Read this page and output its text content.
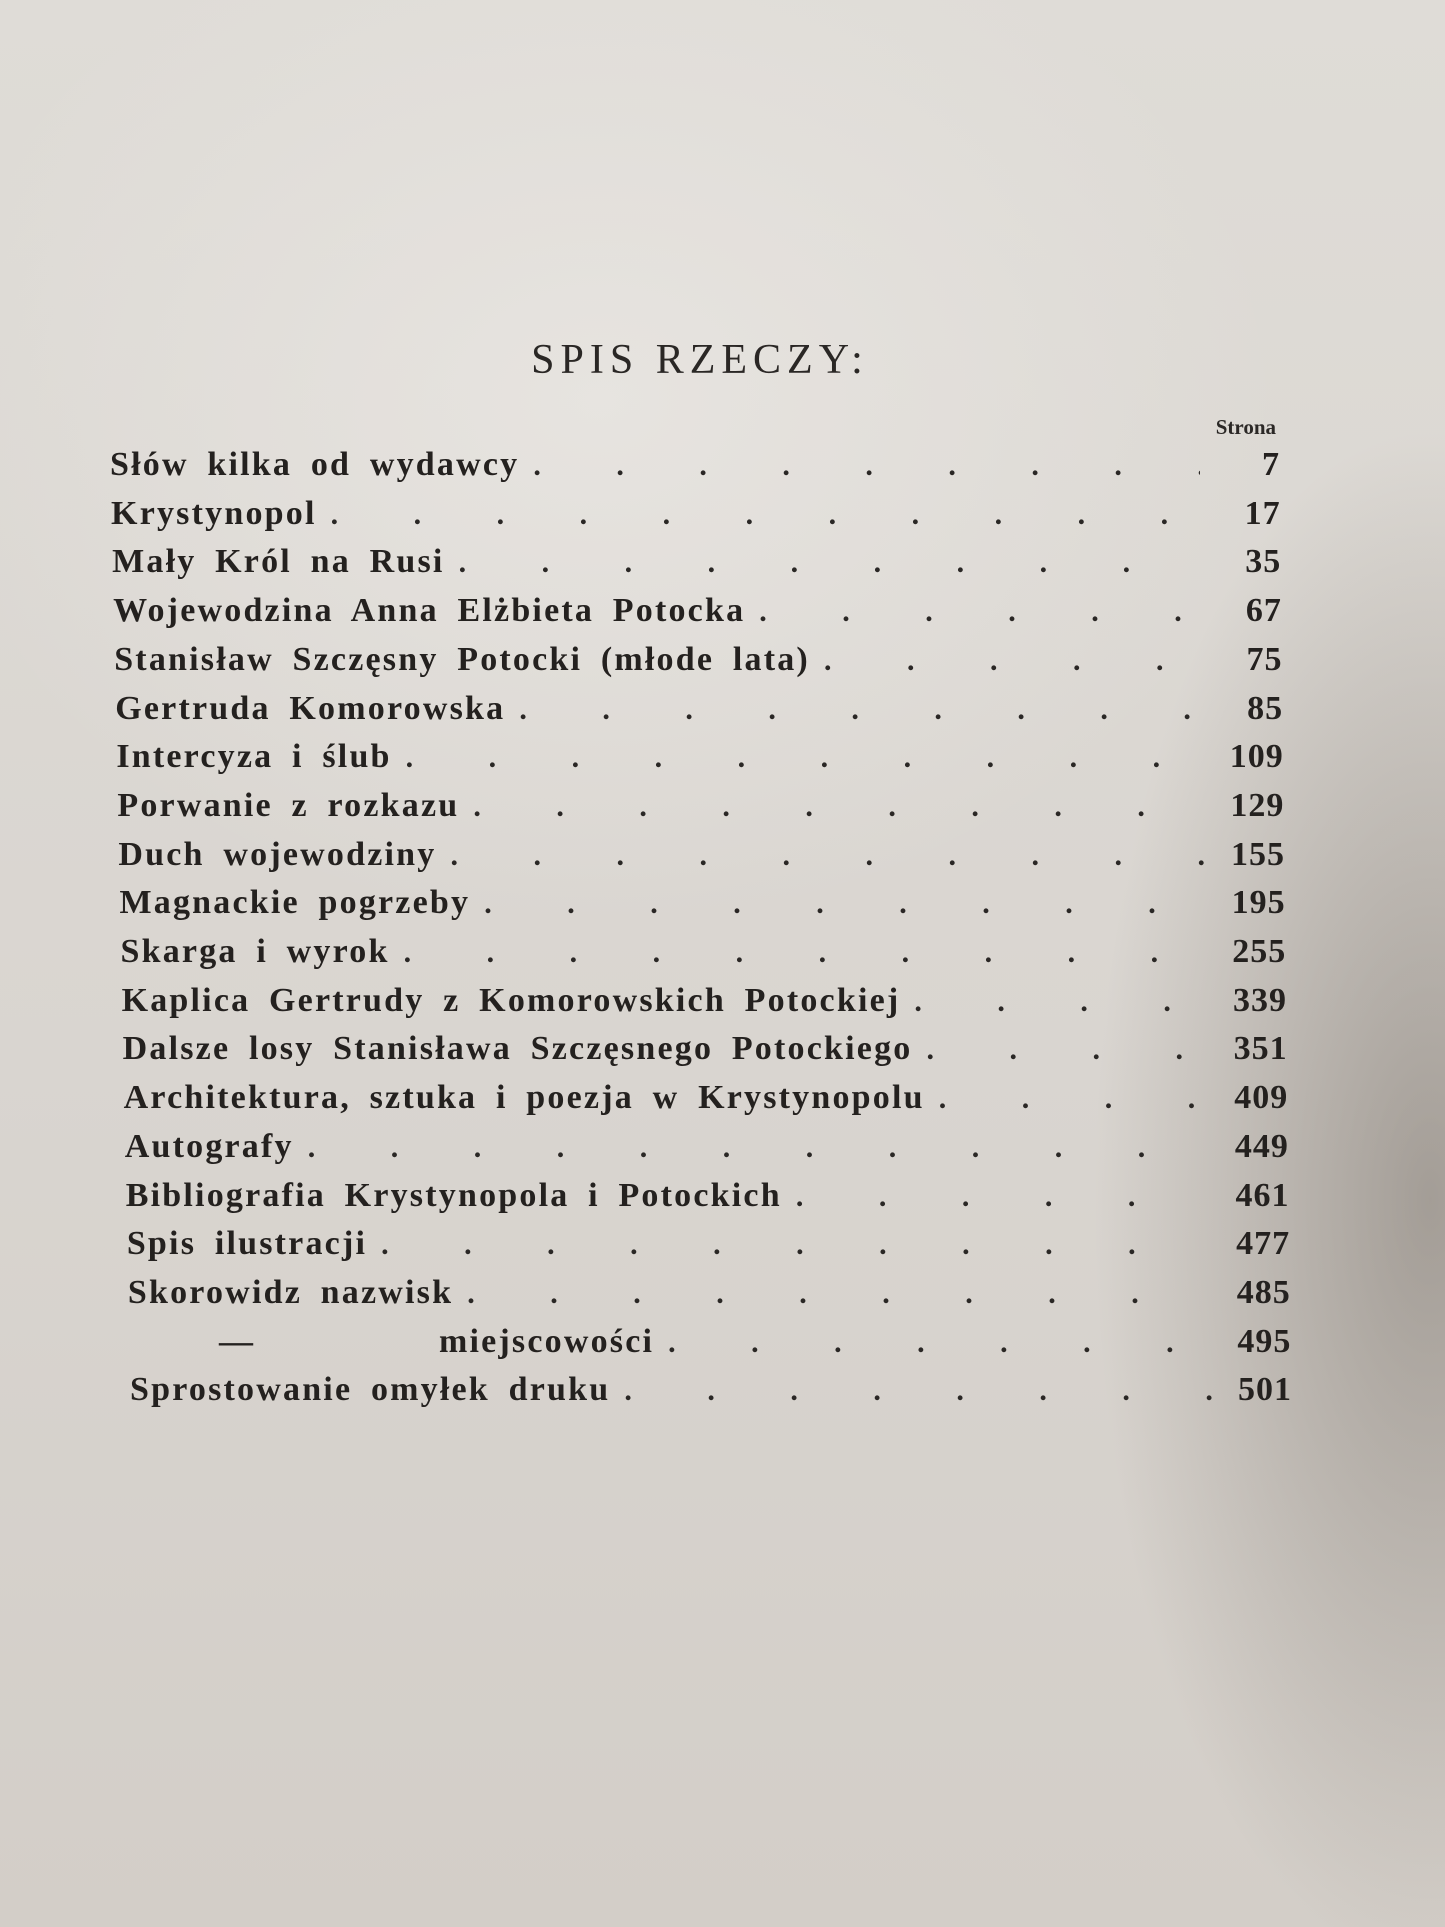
SPIS RZECZY:
Strona
Słów kilka od wydawcy .   .	7
Krystynopol .   .	17
Mały Król na Rusi .   .	35
Wojewodzina Anna Elżbieta Potocka .   .	67
Stanisław Szczęsny Potocki (młode lata) .   .	75
Gertruda Komorowska .   .	85
Intercyza i ślub .   .	109
Porwanie z rozkazu .   .	129
Duch wojewodziny .   .	155
Magnackie pogrzeby .   .	195
Skarga i wyrok .   .	255
Kaplica Gertrudy z Komorowskich Potockiej .   .	339
Dalsze losy Stanisława Szczęsnego Potockiego .   .	351
Architektura, sztuka i poezja w Krystynopolu .   .	409
Autografy .   .	449
Bibliografia Krystynopola i Potockich .   .	461
Spis ilustracji .   .	477
Skorowidz nazwisk .   .	485
—	miejscowości .   .	495
Sprostowanie omyłek druku .   .	501
